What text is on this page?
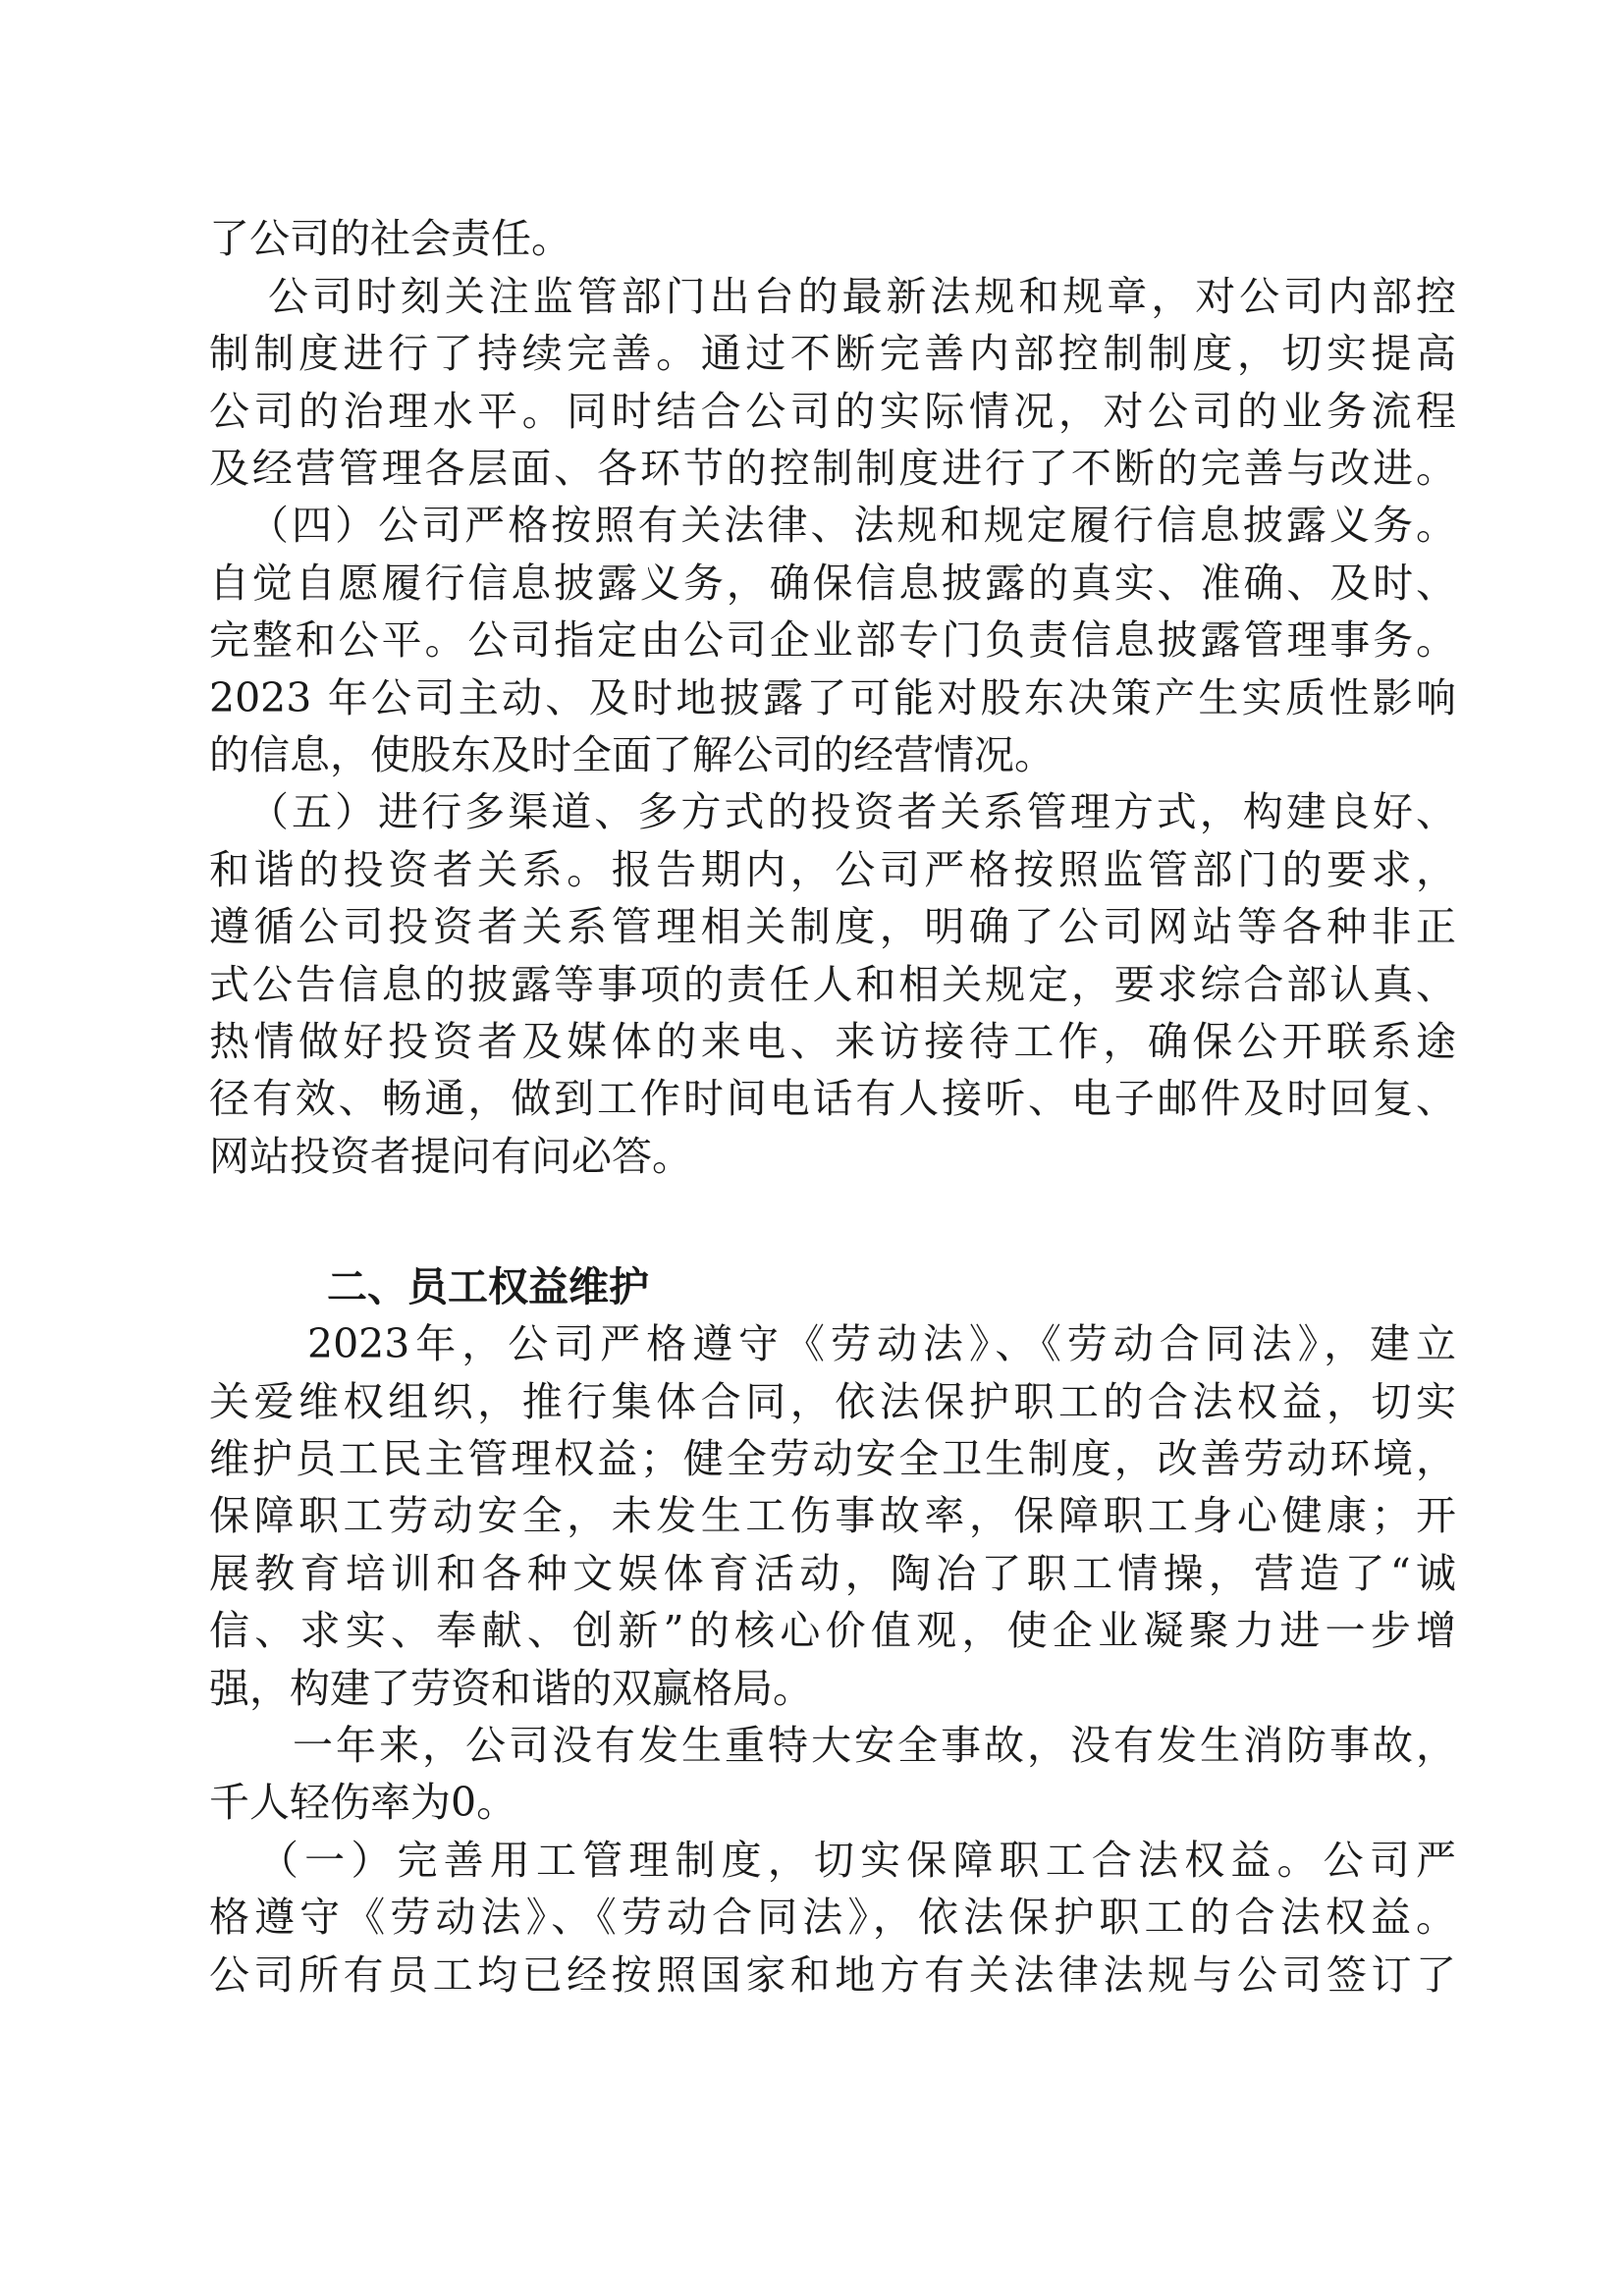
了公司的社会责任。
公司时刻关注监管部门出台的最新法规和规章，对公司内部控
制制度进行了持续完善。通过不断完善内部控制制度，切实提高
公司的治理水平。同时结合公司的实际情况，对公司的业务流程
及经营管理各层面、各环节的控制制度进行了不断的完善与改进。
（四）公司严格按照有关法律、法规和规定履行信息披露义务。
自觉自愿履行信息披露义务，确保信息披露的真实、准确、及时、
完整和公平。公司指定由公司企业部专门负责信息披露管理事务。
2023 年公司主动、及时地披露了可能对股东决策产生实质性影响
的信息，使股东及时全面了解公司的经营情况。
（五）进行多渠道、多方式的投资者关系管理方式，构建良好、
和谐的投资者关系。报告期内，公司严格按照监管部门的要求，
遵循公司投资者关系管理相关制度，明确了公司网站等各种非正
式公告信息的披露等事项的责任人和相关规定，要求综合部认真、
热情做好投资者及媒体的来电、来访接待工作，确保公开联系途
径有效、畅通，做到工作时间电话有人接听、电子邮件及时回复、
网站投资者提问有问必答。
二、员工权益维护
2023年，公司严格遵守《劳动法》、《劳动合同法》，建立
关爱维权组织，推行集体合同，依法保护职工的合法权益，切实
维护员工民主管理权益；健全劳动安全卫生制度，改善劳动环境，
保障职工劳动安全，未发生工伤事故率，保障职工身心健康；开
展教育培训和各种文娱体育活动，陶冶了职工情操，营造了“诚
信、求实、奉献、创新”的核心价值观，使企业凝聚力进一步增
强，构建了劳资和谐的双赢格局。
一年来，公司没有发生重特大安全事故，没有发生消防事故，
千人轻伤率为0。
（一）完善用工管理制度，切实保障职工合法权益。公司严
格遵守《劳动法》、《劳动合同法》，依法保护职工的合法权益。
公司所有员工均已经按照国家和地方有关法律法规与公司签订了
